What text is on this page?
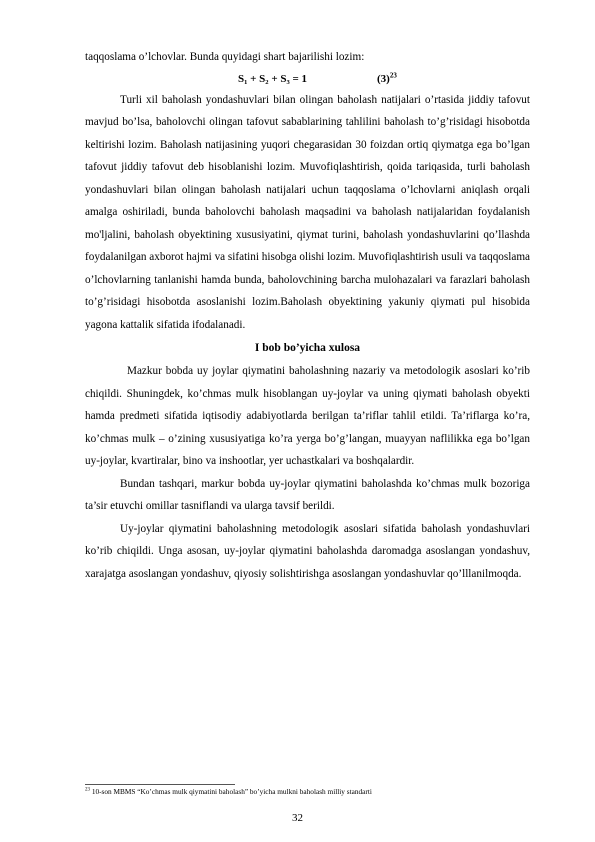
taqqoslama o’lchovlar. Bunda quyidagi shart bajarilishi lozim:

S₁ + S₂ + S₃ = 1	$(3)^{23}$

Turli xil baholash yondashuvlari bilan olingan baholash natijalari o’rtasida jiddiy tafovut mavjud bo’lsa, baholovchi olingan tafovut sabablarining tahlilini baholash to’g’risidagi hisobotda keltirishi lozim. Baholash natijasining yuqori chegarasidan 30 foizdan ortiq qiymatga ega bo’lgan tafovut jiddiy tafovut deb hisoblanishi lozim. Muvofiqlashtirish, qoida tariqasida, turli baholash yondashuvlari bilan olingan baholash natijalari uchun taqqoslama o’lchovlarni aniqlash orqali amalga oshiriladi, bunda baholovchi baholash maqsadini va baholash natijalaridan foydalanish mo'ljalini, baholash obyektining xususiyatini, qiymat turini, baholash yondashuvlarini qo’llashda foydalanilgan axborot hajmi va sifatini hisobga olishi lozim. Muvofiqlashtirish usuli va taqqoslama o’lchovlarning tanlanishi hamda bunda, baholovchining barcha mulohazalari va farazlari baholash to’g’risidagi hisobotda asoslanishi lozim.Baholash obyektining yakuniy qiymati pul hisobida yagona kattalik sifatida ifodalanadi.

I bob bo’yicha xulosa

Mazkur bobda uy joylar qiymatini baholashning nazariy va metodologik asoslari ko’rib chiqildi. Shuningdek, ko’chmas mulk hisoblangan uy-joylar va uning qiymati baholash obyekti hamda predmeti sifatida iqtisodiy adabiyotlarda berilgan ta’riflar tahlil etildi. Ta’riflarga ko’ra, ko’chmas mulk – o’zining xususiyatiga ko’ra yerga bo’g’langan, muayyan naflilikka ega bo’lgan uy-joylar, kvartiralar, bino va inshootlar, yer uchastkalari va boshqalardir.

Bundan tashqari, markur bobda uy-joylar qiymatini baholashda ko’chmas mulk bozoriga ta’sir etuvchi omillar tasniflandi va ularga tavsif berildi.

Uy-joylar qiymatini baholashning metodologik asoslari sifatida baholash yondashuvlari ko’rib chiqildi. Unga asosan, uy-joylar qiymatini baholashda daromadga asoslangan yondashuv, xarajatga asoslangan yondashuv, qiyosiy solishtirishga asoslangan yondashuvlar qo’lllanilmoqda.

$^{23}$ 10-son MBMS “Ko’chmas mulk qiymatini baholash” bo’yicha mulkni baholash milliy standarti
32
